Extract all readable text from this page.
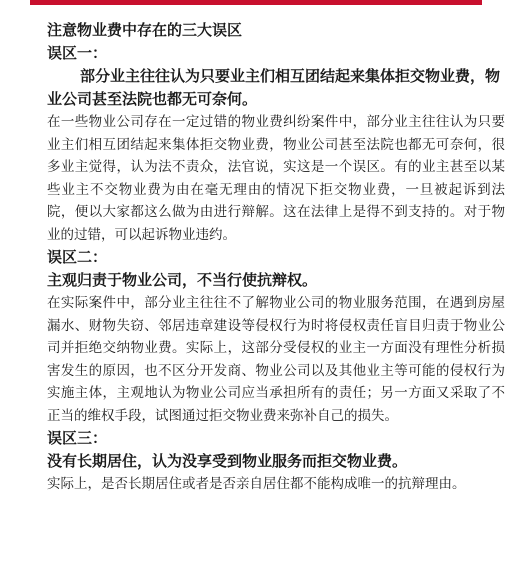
注意物业费中存在的三大误区

误区一：

部分业主往往认为只要业主们相互团结起来集体拒交物业费，物业公司甚至法院也都无可奈何。

在一些物业公司存在一定过错的物业费纠纷案件中，部分业主往往认为只要业主们相互团结起来集体拒交物业费，物业公司甚至法院也都无可奈何，很多业主觉得，认为法不责众，法官说，实这是一个误区。有的业主甚至以某些业主不交物业费为由在毫无理由的情况下拒交物业费，一旦被起诉到法院，便以大家都这么做为由进行辩解。这在法律上是得不到支持的。对于物业的过错，可以起诉物业违约。

误区二：

主观归责于物业公司，不当行使抗辩权。

在实际案件中，部分业主往往不了解物业公司的物业服务范围，在遇到房屋漏水、财物失窃、邻居违章建设等侵权行为时将侵权责任盲目归责于物业公司并拒绝交纳物业费。实际上，这部分受侵权的业主一方面没有理性分析损害发生的原因，也不区分开发商、物业公司以及其他业主等可能的侵权行为实施主体，主观地认为物业公司应当承担所有的责任；另一方面又采取了不正当的维权手段，试图通过拒交物业费来弥补自己的损失。

误区三：

没有长期居住，认为没享受到物业服务而拒交物业费。

实际上，是否长期居住或者是否亲自居住都不能构成唯一的抗辩理由。
